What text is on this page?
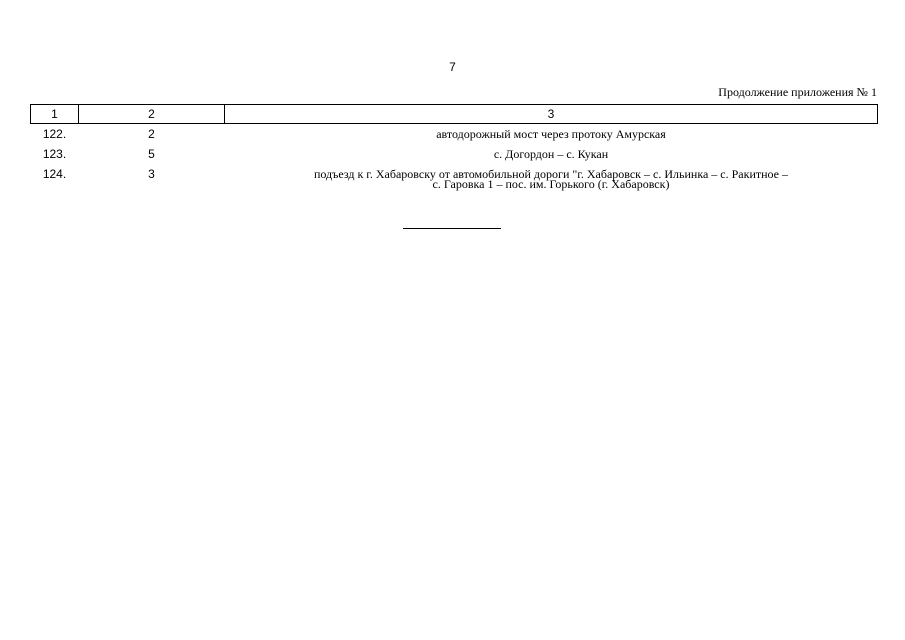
7
Продолжение приложения № 1
1	2	3
122.	2	автодорожный мост через протоку Амурская
123.	5	с. Догордон – с. Кукан
124.	3	подъезд к г. Хабаровску от автомобильной дороги "г. Хабаровск – с. Ильинка – с. Ракитное –
с. Гаровка 1 – пос. им. Горького (г. Хабаровск)
